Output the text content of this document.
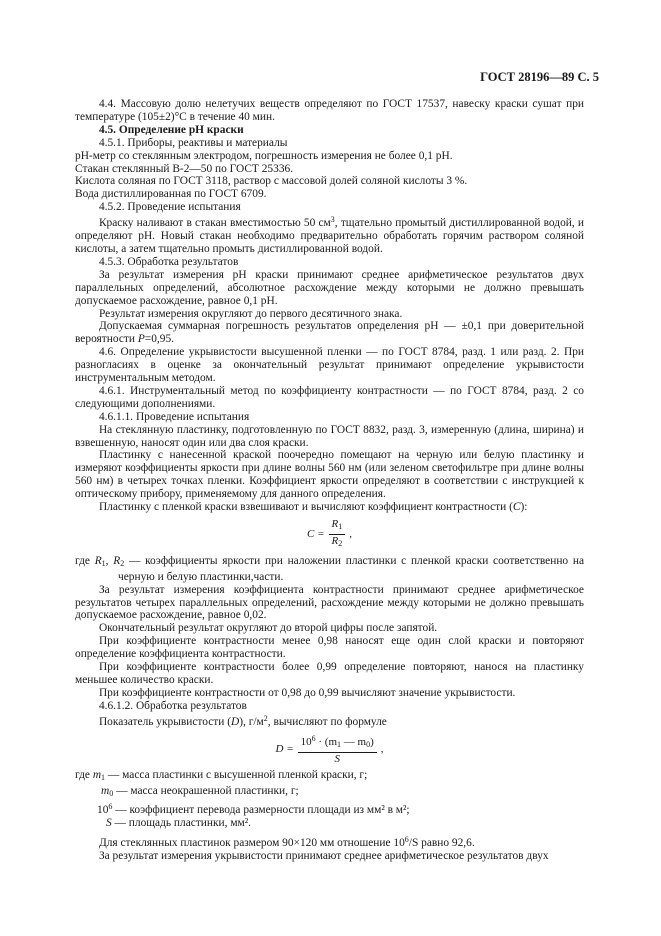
ГОСТ 28196—89 С. 5

4.4. Массовую долю нелетучих веществ определяют по ГОСТ 17537, навеску краски сушат при температуре (105±2)°С в течение 40 мин.

4.5. Определение pH краски

4.5.1. Приборы, реактивы и материалы

pH-метр со стеклянным электродом, погрешность измерения не более 0,1 pH.

Стакан стеклянный В-2—50 по ГОСТ 25336.

Кислота соляная по ГОСТ 3118, раствор с массовой долей соляной кислоты 3 %.

Вода дистиллированная по ГОСТ 6709.

4.5.2. Проведение испытания

Краску наливают в стакан вместимостью 50 $см^3$, тщательно промытый дистиллированной водой, и определяют pH. Новый стакан необходимо предварительно обработать горячим раствором соляной кислоты, а затем тщательно промыть дистиллированной водой.

4.5.3. Обработка результатов

За результат измерения pH краски принимают среднее арифметическое результатов двух параллельных определений, абсолютное расхождение между которыми не должно превышать допускаемое расхождение, равное 0,1 pH.

Результат измерения округляют до первого десятичного знака.

Допускаемая суммарная погрешность результатов определения pH — ±0,1 при доверительной вероятности P=0,95.

4.6. Определение укрывистости высушенной пленки — по ГОСТ 8784, разд. 1 или разд. 2. При разногласиях в оценке за окончательный результат принимают определение укрывистости инструментальным методом.

4.6.1. Инструментальный метод по коэффициенту контрастности — по ГОСТ 8784, разд. 2 со следующими дополнениями.

4.6.1.1. Проведение испытания

На стеклянную пластинку, подготовленную по ГОСТ 8832, разд. 3, измеренную (длина, ширина) и взвешенную, наносят один или два слоя краски.

Пластинку с нанесенной краской поочередно помещают на черную или белую пластинку и измеряют коэффициенты яркости при длине волны 560 нм (или зеленом светофильтре при длине волны 560 нм) в четырех точках пленки. Коэффициент яркости определяют в соответствии с инструкцией к оптическому прибору, применяемому для данного определения.

Пластинку с пленкой краски взвешивают и вычисляют коэффициент контрастности (С):

$C = \frac{R_1}{R_2}$ ,

где $R_1$, $R_2$ — коэффициенты яркости при наложении пластинки с пленкой краски соответственно на черную и белую пластинки,части.

За результат измерения коэффициента контрастности принимают среднее арифметическое результатов четырех параллельных определений, расхождение между которыми не должно превышать допускаемое расхождение, равное 0,02.

Окончательный результат округляют до второй цифры после запятой.

При коэффициенте контрастности менее 0,98 наносят еще один слой краски и повторяют определение коэффициента контрастности.

При коэффициенте контрастности более 0,99 определение повторяют, нанося на пластинку меньшее количество краски.

При коэффициенте контрастности от 0,98 до 0,99 вычисляют значение укрывистости.

4.6.1.2. Обработка результатов

Показатель укрывистости (D), $г/м^2$, вычисляют по формуле

$D = \frac{10^6 \cdot (m_1 — m_0)}{S}$ ,

где $m_1$ — масса пластинки с высушенной пленкой краски, г;

$m_0$ — масса неокрашенной пластинки, г;

$10^6$ — коэффициент перевода размерности площади из мм² в м²;

S — площадь пластинки, мм².

Для стеклянных пластинок размером 90×120 мм отношение $10^6/S$ равно 92,6.

За результат измерения укрывистости принимают среднее арифметическое результатов двух
